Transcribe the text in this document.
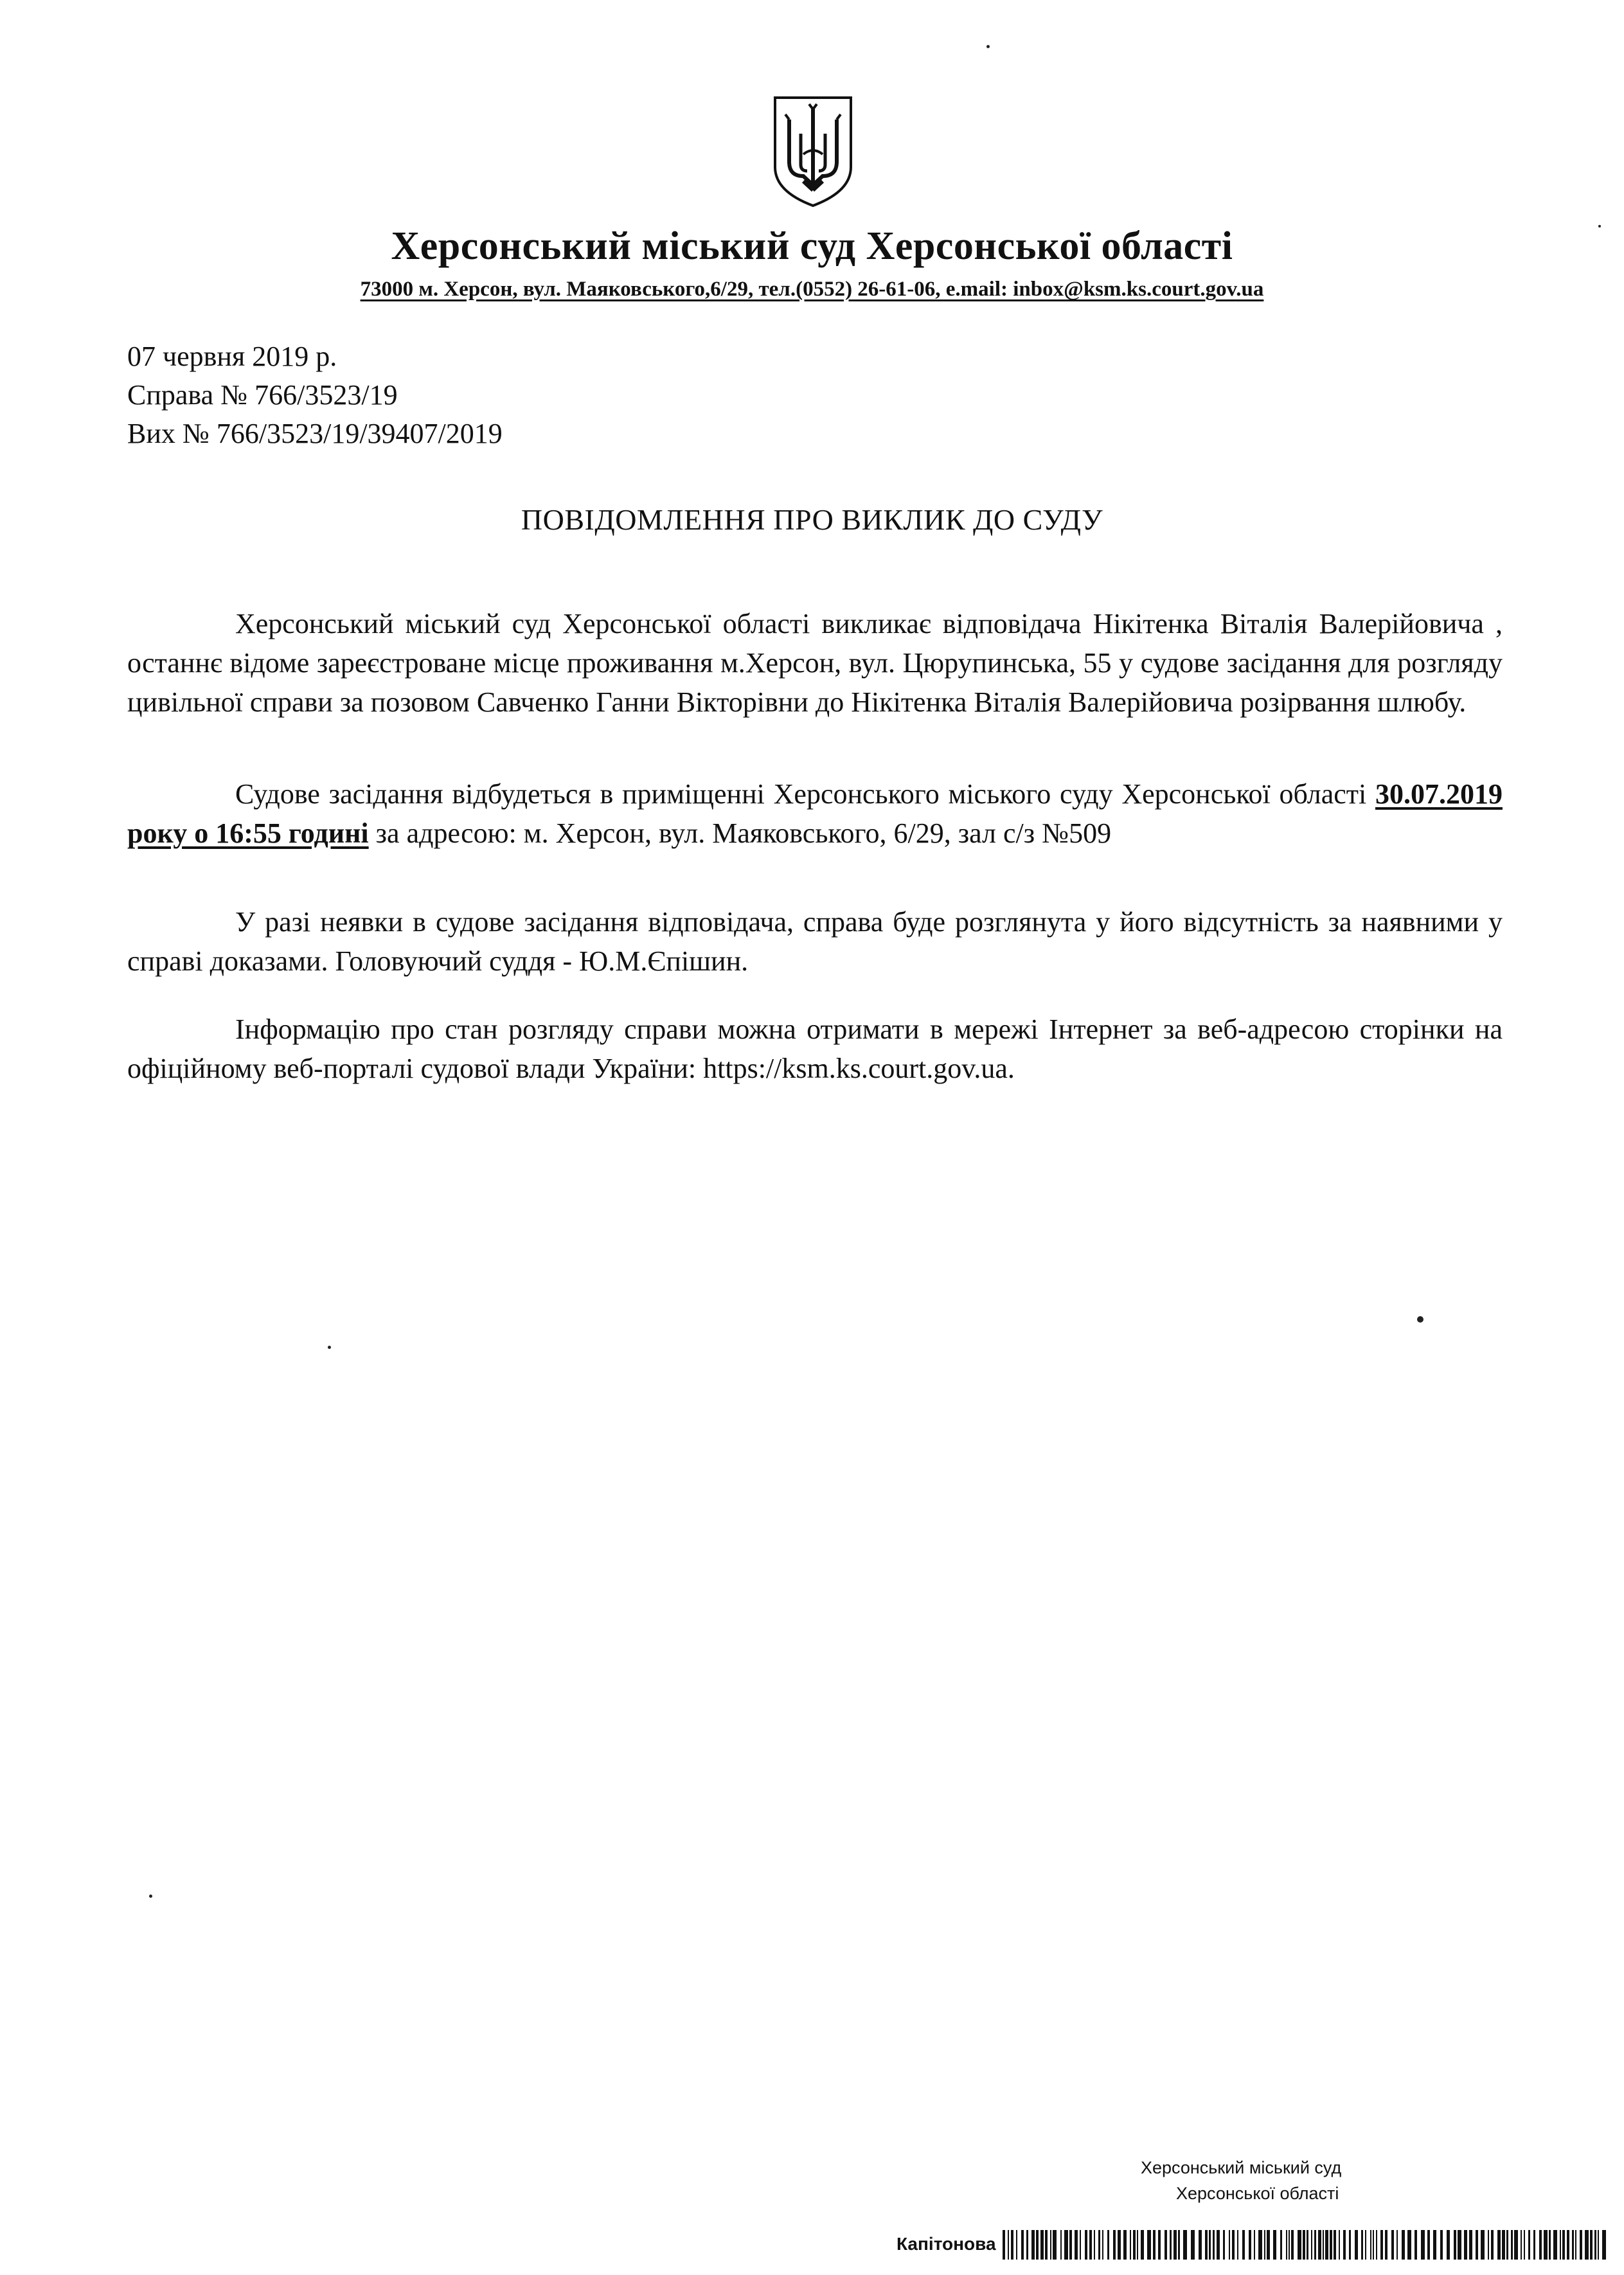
Херсонський міський суд Херсонської області
73000 м. Херсон, вул. Маяковського,6/29, тел.(0552) 26-61-06, e.mail: inbox@ksm.ks.court.gov.ua
07 червня 2019 р.
Справа № 766/3523/19
Вих № 766/3523/19/39407/2019
ПОВІДОМЛЕННЯ ПРО ВИКЛИК ДО СУДУ
Херсонський міський суд Херсонської області викликає відповідача Нікітенка Віталія Валерійовича , останнє відоме зареєстроване місце проживання м.Херсон, вул. Цюрупинська, 55 у судове засідання для розгляду цивільної справи за позовом Савченко Ганни Вікторівни до Нікітенка Віталія Валерійовича розірвання шлюбу.
Судове засідання відбудеться в приміщенні Херсонського міського суду Херсонської області 30.07.2019 року о 16:55 годині за адресою: м. Херсон, вул. Маяковського, 6/29, зал с/з №509
У разі неявки в судове засідання відповідача, справа буде розглянута у його відсутність за наявними у справі доказами. Головуючий суддя - Ю.М.Єпішин.
Інформацію про стан розгляду справи можна отримати в мережі Інтернет за веб-адресою сторінки на офіційному веб-порталі судової влади України: https://ksm.ks.court.gov.ua.
Херсонський міський суд
Херсонської області
Капітонова
